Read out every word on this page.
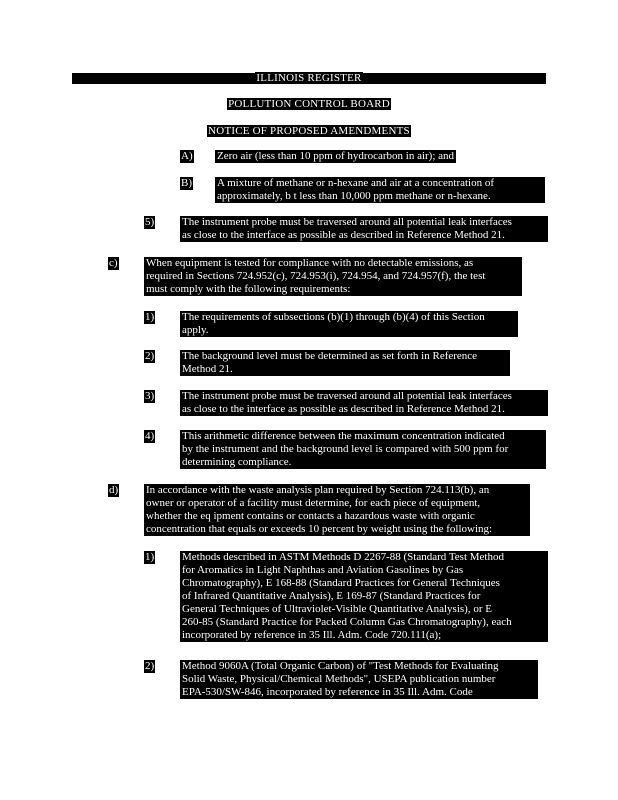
ILLINOIS REGISTER
POLLUTION CONTROL BOARD
NOTICE OF PROPOSED AMENDMENTS
A) Zero air (less than 10 ppm of hydrocarbon in air); and

B) A mixture of methane or n-hexane and air at a concentration of

approximately, b t less than 10,000 ppm methane or n-hexane.

5)	The instrument probe must be traversed around all potential leak interfaces

as close to the interface as possible as described in Reference Method 21.

c)	When equipment is tested for compliance with no detectable emissions, as

required in Sections 724.952(c), 724.953(i), 724.954, and 724.957(f), the test

must comply with the following requirements:

1)	The requirements of subsections (b)(1) through (b)(4) of this Section

apply.

2)	The background level must be determined as set forth in Reference

Method 21.

3)	The instrument probe must be traversed around all potential leak interfaces

as close to the interface as possible as described in Reference Method 21.

4)	This arithmetic difference between the maximum concentration indicated

by the instrument and the background level is compared with 500 ppm for

determining compliance.

d)	In accordance with the waste analysis plan required by Section 724.113(b), an

owner or operator of a facility must determine, for each piece of equipment,

whether the eq ipment contains or contacts a hazardous waste with organic

concentration that equals or exceeds 10 percent by weight using the following:

1)	Methods described in ASTM Methods D 2267-88 (Standard Test Method

for Aromatics in Light Naphthas and Aviation Gasolines by Gas

Chromatography), E 168-88 (Standard Practices for General Techniques

of Infrared Quantitative Analysis), E 169-87 (Standard Practices for

General Techniques of Ultraviolet-Visible Quantitative Analysis), or E

260-85 (Standard Practice for Packed Column Gas Chromatography), each

incorporated by reference in 35 Ill. Adm. Code 720.111(a);

2)	Method 9060A (Total Organic Carbon) of "Test Methods for Evaluating

Solid Waste, Physical/Chemical Methods", USEPA publication number

EPA-530/SW-846, incorporated by reference in 35 Ill. Adm. Code
